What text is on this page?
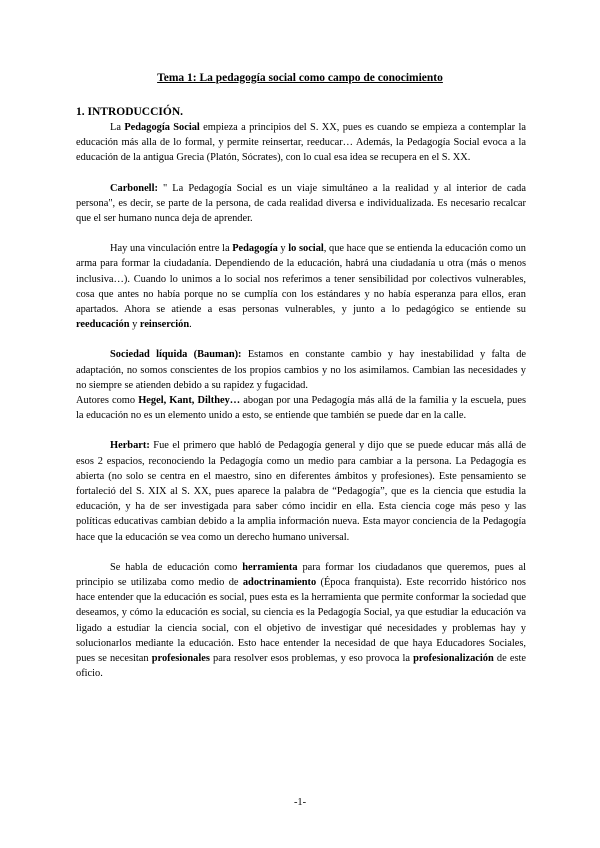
Tema 1: La pedagogía social como campo de conocimiento

1. INTRODUCCIÓN.

La Pedagogía Social empieza a principios del S. XX, pues es cuando se empieza a contemplar la educación más alla de lo formal, y permite reinsertar, reeducar… Además, la Pedagogía Social evoca a la educación de la antigua Grecia (Platón, Sócrates), con lo cual esa idea se recupera en el S. XX.

Carbonell: " La Pedagogía Social es un viaje simultáneo a la realidad y al interior de cada persona", es decir, se parte de la persona, de cada realidad diversa e individualizada. Es necesario recalcar que el ser humano nunca deja de aprender.

Hay una vinculación entre la Pedagogía y lo social, que hace que se entienda la educación como un arma para formar la ciudadanía. Dependiendo de la educación, habrá una ciudadanía u otra (más o menos inclusiva…). Cuando lo unimos a lo social nos referimos a tener sensibilidad por colectivos vulnerables, cosa que antes no había porque no se cumplía con los estándares y no había esperanza para ellos, eran apartados. Ahora se atiende a esas personas vulnerables, y junto a lo pedagógico se entiende su reeducación y reinserción.

Sociedad líquida (Bauman): Estamos en constante cambio y hay inestabilidad y falta de adaptación, no somos conscientes de los propios cambios y no los asimilamos. Cambian las necesidades y no siempre se atienden debido a su rapidez y fugacidad.

Autores como Hegel, Kant, Dilthey… abogan por una Pedagogía más allá de la familia y la escuela, pues la educación no es un elemento unido a esto, se entiende que también se puede dar en la calle.

Herbart: Fue el primero que habló de Pedagogía general y dijo que se puede educar más allá de esos 2 espacios, reconociendo la Pedagogía como un medio para cambiar a la persona. La Pedagogía es abierta (no solo se centra en el maestro, sino en diferentes ámbitos y profesiones). Este pensamiento se fortaleció del S. XIX al S. XX, pues aparece la palabra de “Pedagogía”, que es la ciencia que estudia la educación, y ha de ser investigada para saber cómo incidir en ella. Esta ciencia coge más peso y las políticas educativas cambian debido a la amplia información nueva. Esta mayor conciencia de la Pedagogía hace que la educación se vea como un derecho humano universal.

Se habla de educación como herramienta para formar los ciudadanos que queremos, pues al principio se utilizaba como medio de adoctrinamiento (Época franquista). Este recorrido histórico nos hace entender que la educación es social, pues esta es la herramienta que permite conformar la sociedad que deseamos, y cómo la educación es social, su ciencia es la Pedagogía Social, ya que estudiar la educación va ligado a estudiar la ciencia social, con el objetivo de investigar qué necesidades y problemas hay y solucionarlos mediante la educación. Esto hace entender la necesidad de que haya Educadores Sociales, pues se necesitan profesionales para resolver esos problemas, y eso provoca la profesionalización de este oficio.

-1-
